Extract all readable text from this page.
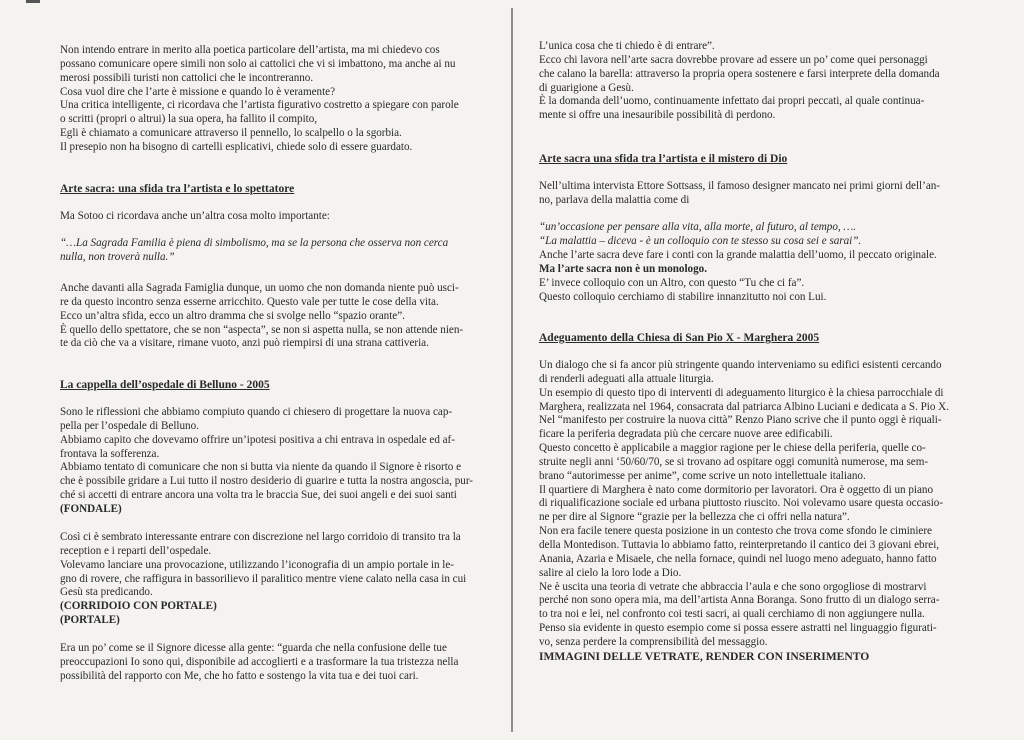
Non intendo entrare in merito alla poetica particolare dell’artista, ma mi chiedevo cos
possano comunicare opere simili non solo ai cattolici che vi si imbattono, ma anche ai nu
merosi possibili turisti non cattolici che le incontreranno.
Cosa vuol dire che l’arte è missione e quando lo è veramente?
Una critica intelligente, ci ricordava che l’artista figurativo costretto a spiegare con parole
o scritti (propri o altrui) la sua opera, ha fallito il compito,
Egli è chiamato a comunicare attraverso il pennello, lo scalpello o la sgorbia.
Il presepio non ha bisogno di cartelli esplicativi, chiede solo di essere guardato.
Arte sacra: una sfida tra l’artista e lo spettatore
Ma Sotoo ci ricordava anche un’altra cosa molto importante:
“…La Sagrada Familia è piena di simbolismo, ma se la persona che osserva non cerca
nulla, non troverà nulla.”
Anche davanti alla Sagrada Famiglia dunque, un uomo che non domanda niente può usci-
re da questo incontro senza esserne arricchito. Questo vale per tutte le cose della vita.
Ecco un’altra sfida, ecco un altro dramma che si svolge nello “spazio orante”.
È quello dello spettatore, che se non “aspecta”, se non si aspetta nulla, se non attende nien-
te da ciò che va a visitare, rimane vuoto, anzi può riempirsi di una strana cattiveria.
La cappella dell’ospedale di Belluno - 2005
Sono le riflessioni che abbiamo compiuto quando ci chiesero di progettare la nuova cap-
pella per l’ospedale di Belluno.
Abbiamo capito che dovevamo offrire un’ipotesi positiva a chi entrava in ospedale ed af-
frontava la sofferenza.
Abbiamo tentato di comunicare che non si butta via niente da quando il Signore è risorto e
che è possibile gridare a Lui tutto il nostro desiderio di guarire e tutta la nostra angoscia, pur-
ché si accetti di entrare ancora una volta tra le braccia Sue, dei suoi angeli e dei suoi santi
(FONDALE)
Così ci è sembrato interessante entrare con discrezione nel largo corridoio di transito tra la
reception e i reparti dell’ospedale.
Volevamo lanciare una provocazione, utilizzando l’iconografia di un ampio portale in le-
gno di rovere, che raffigura in bassorilievo il paralitico mentre viene calato nella casa in cui
Gesù sta predicando.
(CORRIDOIO CON PORTALE)
(PORTALE)
Era un po’ come se il Signore dicesse alla gente: “guarda che nella confusione delle tue
preoccupazioni Io sono qui, disponibile ad accoglierti e a trasformare la tua tristezza nella
possibilità del rapporto con Me, che ho fatto e sostengo la vita tua e dei tuoi cari.
L’unica cosa che ti chiedo è di entrare”.
Ecco chi lavora nell’arte sacra dovrebbe provare ad essere un po’ come quei personaggi
che calano la barella: attraverso la propria opera sostenere e farsi interprete della domanda
di guarigione a Gesù.
È la domanda dell’uomo, continuamente infettato dai propri peccati, al quale continua-
mente si offre una inesauribile possibilità di perdono.
Arte sacra una sfida tra l’artista e il mistero di Dio
Nell’ultima intervista Ettore Sottsass, il famoso designer mancato nei primi giorni dell’an-
no, parlava della malattia come di
“un’occasione per pensare alla vita, alla morte, al futuro, al tempo, ….
“La malattia – diceva - è un colloquio con te stesso su cosa sei e sarai”.
Anche l’arte sacra deve fare i conti con la grande malattia dell’uomo, il peccato originale.
Ma l’arte sacra non è un monologo.
E’ invece colloquio con un Altro, con questo “Tu che ci fa”.
Questo colloquio cerchiamo di stabilire innanzitutto noi con Lui.
Adeguamento della Chiesa di San Pio X - Marghera 2005
Un dialogo che si fa ancor più stringente quando interveniamo su edifici esistenti cercando
di renderli adeguati alla attuale liturgia.
Un esempio di questo tipo di interventi di adeguamento liturgico è la chiesa parrocchiale di
Marghera, realizzata nel 1964, consacrata dal patriarca Albino Luciani e dedicata a S. Pio X.
Nel “manifesto per costruire la nuova città” Renzo Piano scrive che il punto oggi è riquali-
ficare la periferia degradata più che cercare nuove aree edificabili.
Questo concetto è applicabile a maggior ragione per le chiese della periferia, quelle co-
struite negli anni ‘50/60/70, se si trovano ad ospitare oggi comunità numerose, ma sem-
brano “autorimesse per anime”, come scrive un noto intellettuale italiano.
Il quartiere di Marghera è nato come dormitorio per lavoratori. Ora è oggetto di un piano
di riqualificazione sociale ed urbana piuttosto riuscito. Noi volevamo usare questa occasio-
ne per dire al Signore “grazie per la bellezza che ci offri nella natura”.
Non era facile tenere questa posizione in un contesto che trova come sfondo le ciminiere
della Montedison. Tuttavia lo abbiamo fatto, reinterpretando il cantico dei 3 giovani ebrei,
Anania, Azaria e Misaele, che nella fornace, quindi nel luogo meno adeguato, hanno fatto
salire al cielo la loro lode a Dio.
Ne è uscita una teoria di vetrate che abbraccia l’aula e che sono orgogliose di mostrarvi
perché non sono opera mia, ma dell’artista Anna Boranga. Sono frutto di un dialogo serra-
to tra noi e lei, nel confronto coi testi sacri, ai quali cerchiamo di non aggiungere nulla.
Penso sia evidente in questo esempio come si possa essere astratti nel linguaggio figurati-
vo, senza perdere la comprensibilità del messaggio.
IMMAGINI DELLE VETRATE, RENDER CON INSERIMENTO
